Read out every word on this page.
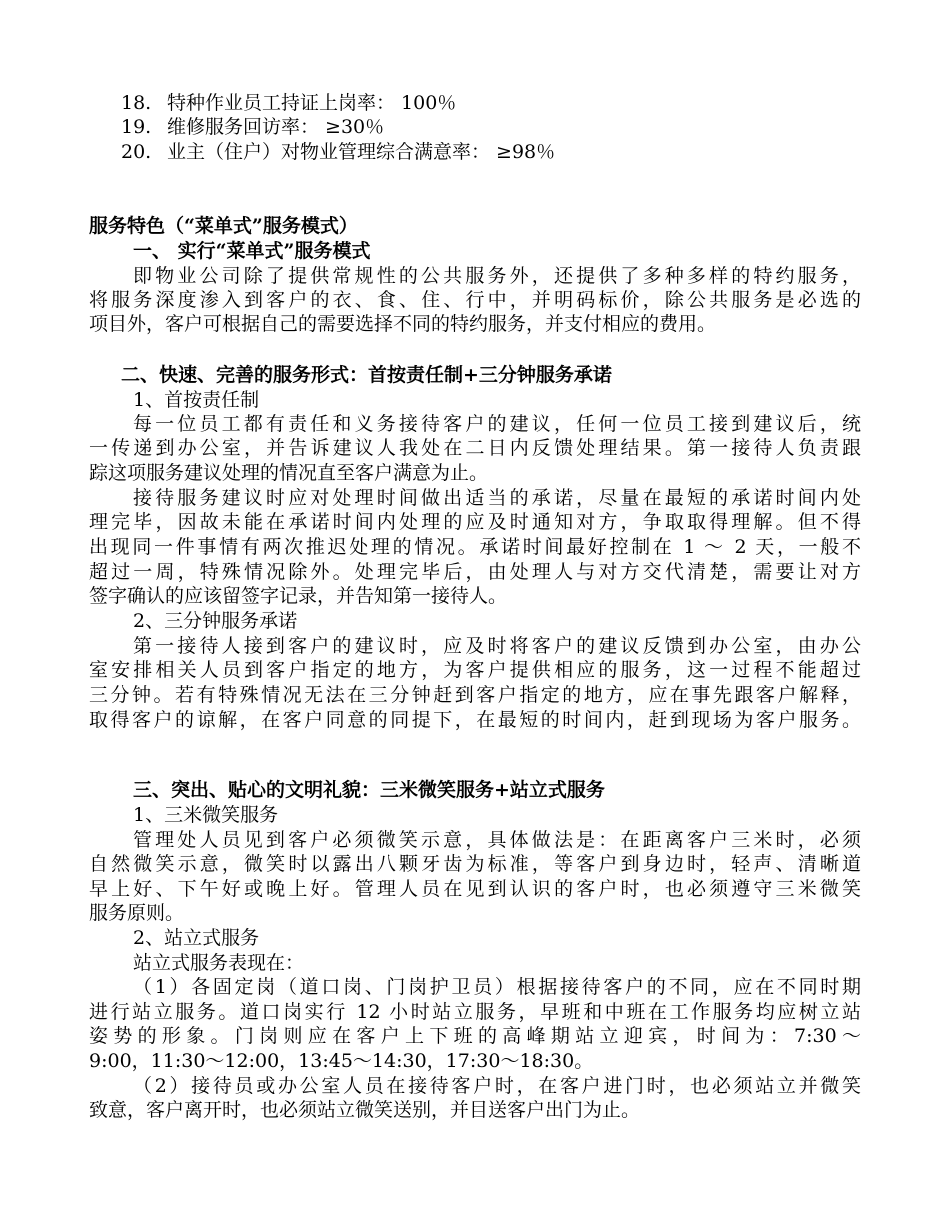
18. 特种作业员工持证上岗率： 100％
19. 维修服务回访率： ≥30％
20. 业主（住户）对物业管理综合满意率： ≥98％
服务特色（“菜单式”服务模式）
一、 实行“菜单式”服务模式
即物业公司除了提供常规性的公共服务外，还提供了多种多样的特约服务，
将服务深度渗入到客户的衣、食、住、行中，并明码标价，除公共服务是必选的
项目外，客户可根据自己的需要选择不同的特约服务，并支付相应的费用。
二、快速、完善的服务形式：首按责任制+三分钟服务承诺
1、首按责任制
每一位员工都有责任和义务接待客户的建议，任何一位员工接到建议后，统
一传递到办公室，并告诉建议人我处在二日内反馈处理结果。第一接待人负责跟
踪这项服务建议处理的情况直至客户满意为止。
接待服务建议时应对处理时间做出适当的承诺，尽量在最短的承诺时间内处
理完毕，因故未能在承诺时间内处理的应及时通知对方，争取取得理解。但不得
出现同一件事情有两次推迟处理的情况。承诺时间最好控制在 1 ～ 2 天，一般不
超过一周，特殊情况除外。处理完毕后，由处理人与对方交代清楚，需要让对方
签字确认的应该留签字记录，并告知第一接待人。
2、三分钟服务承诺
第一接待人接到客户的建议时，应及时将客户的建议反馈到办公室，由办公
室安排相关人员到客户指定的地方，为客户提供相应的服务，这一过程不能超过
三分钟。若有特殊情况无法在三分钟赶到客户指定的地方，应在事先跟客户解释，
取得客户的谅解，在客户同意的同提下，在最短的时间内，赶到现场为客户服务。
三、突出、贴心的文明礼貌：三米微笑服务+站立式服务
1、三米微笑服务
管理处人员见到客户必须微笑示意，具体做法是：在距离客户三米时，必须
自然微笑示意，微笑时以露出八颗牙齿为标准，等客户到身边时，轻声、清晰道
早上好、下午好或晚上好。管理人员在见到认识的客户时，也必须遵守三米微笑
服务原则。
2、站立式服务
站立式服务表现在：
（1）各固定岗（道口岗、门岗护卫员）根据接待客户的不同，应在不同时期
进行站立服务。道口岗实行 12 小时站立服务，早班和中班在工作服务均应树立站
姿势的形象。门岗则应在客户上下班的高峰期站立迎宾，时间为：7:30～
9:00，11:30～12:00，13:45～14:30，17:30～18:30。
（2）接待员或办公室人员在接待客户时，在客户进门时，也必须站立并微笑
致意，客户离开时，也必须站立微笑送别，并目送客户出门为止。
